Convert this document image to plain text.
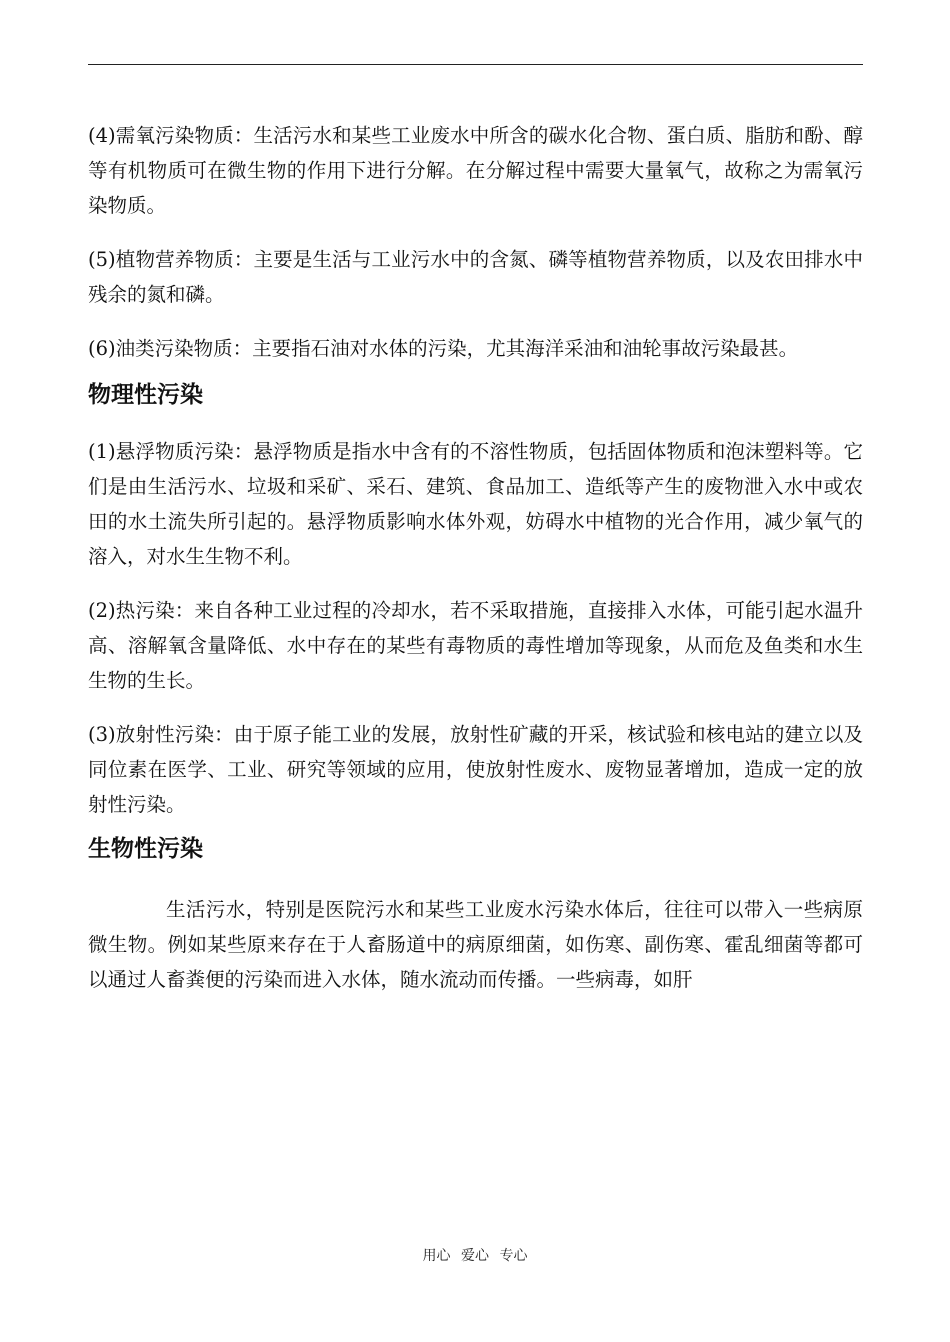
(4)需氧污染物质：生活污水和某些工业废水中所含的碳水化合物、蛋白质、脂肪和酚、醇等有机物质可在微生物的作用下进行分解。在分解过程中需要大量氧气，故称之为需氧污染物质。

(5)植物营养物质：主要是生活与工业污水中的含氮、磷等植物营养物质，以及农田排水中残余的氮和磷。

(6)油类污染物质：主要指石油对水体的污染，尤其海洋采油和油轮事故污染最甚。

物理性污染

(1)悬浮物质污染：悬浮物质是指水中含有的不溶性物质，包括固体物质和泡沫塑料等。它们是由生活污水、垃圾和采矿、采石、建筑、食品加工、造纸等产生的废物泄入水中或农田的水土流失所引起的。悬浮物质影响水体外观，妨碍水中植物的光合作用，减少氧气的溶入，对水生生物不利。

(2)热污染：来自各种工业过程的冷却水，若不采取措施，直接排入水体，可能引起水温升高、溶解氧含量降低、水中存在的某些有毒物质的毒性增加等现象，从而危及鱼类和水生生物的生长。

(3)放射性污染：由于原子能工业的发展，放射性矿藏的开采，核试验和核电站的建立以及同位素在医学、工业、研究等领域的应用，使放射性废水、废物显著增加，造成一定的放射性污染。

生物性污染

生活污水，特别是医院污水和某些工业废水污染水体后，往往可以带入一些病原微生物。例如某些原来存在于人畜肠道中的病原细菌，如伤寒、副伤寒、霍乱细菌等都可以通过人畜粪便的污染而进入水体，随水流动而传播。一些病毒，如肝

用心 爱心 专心
